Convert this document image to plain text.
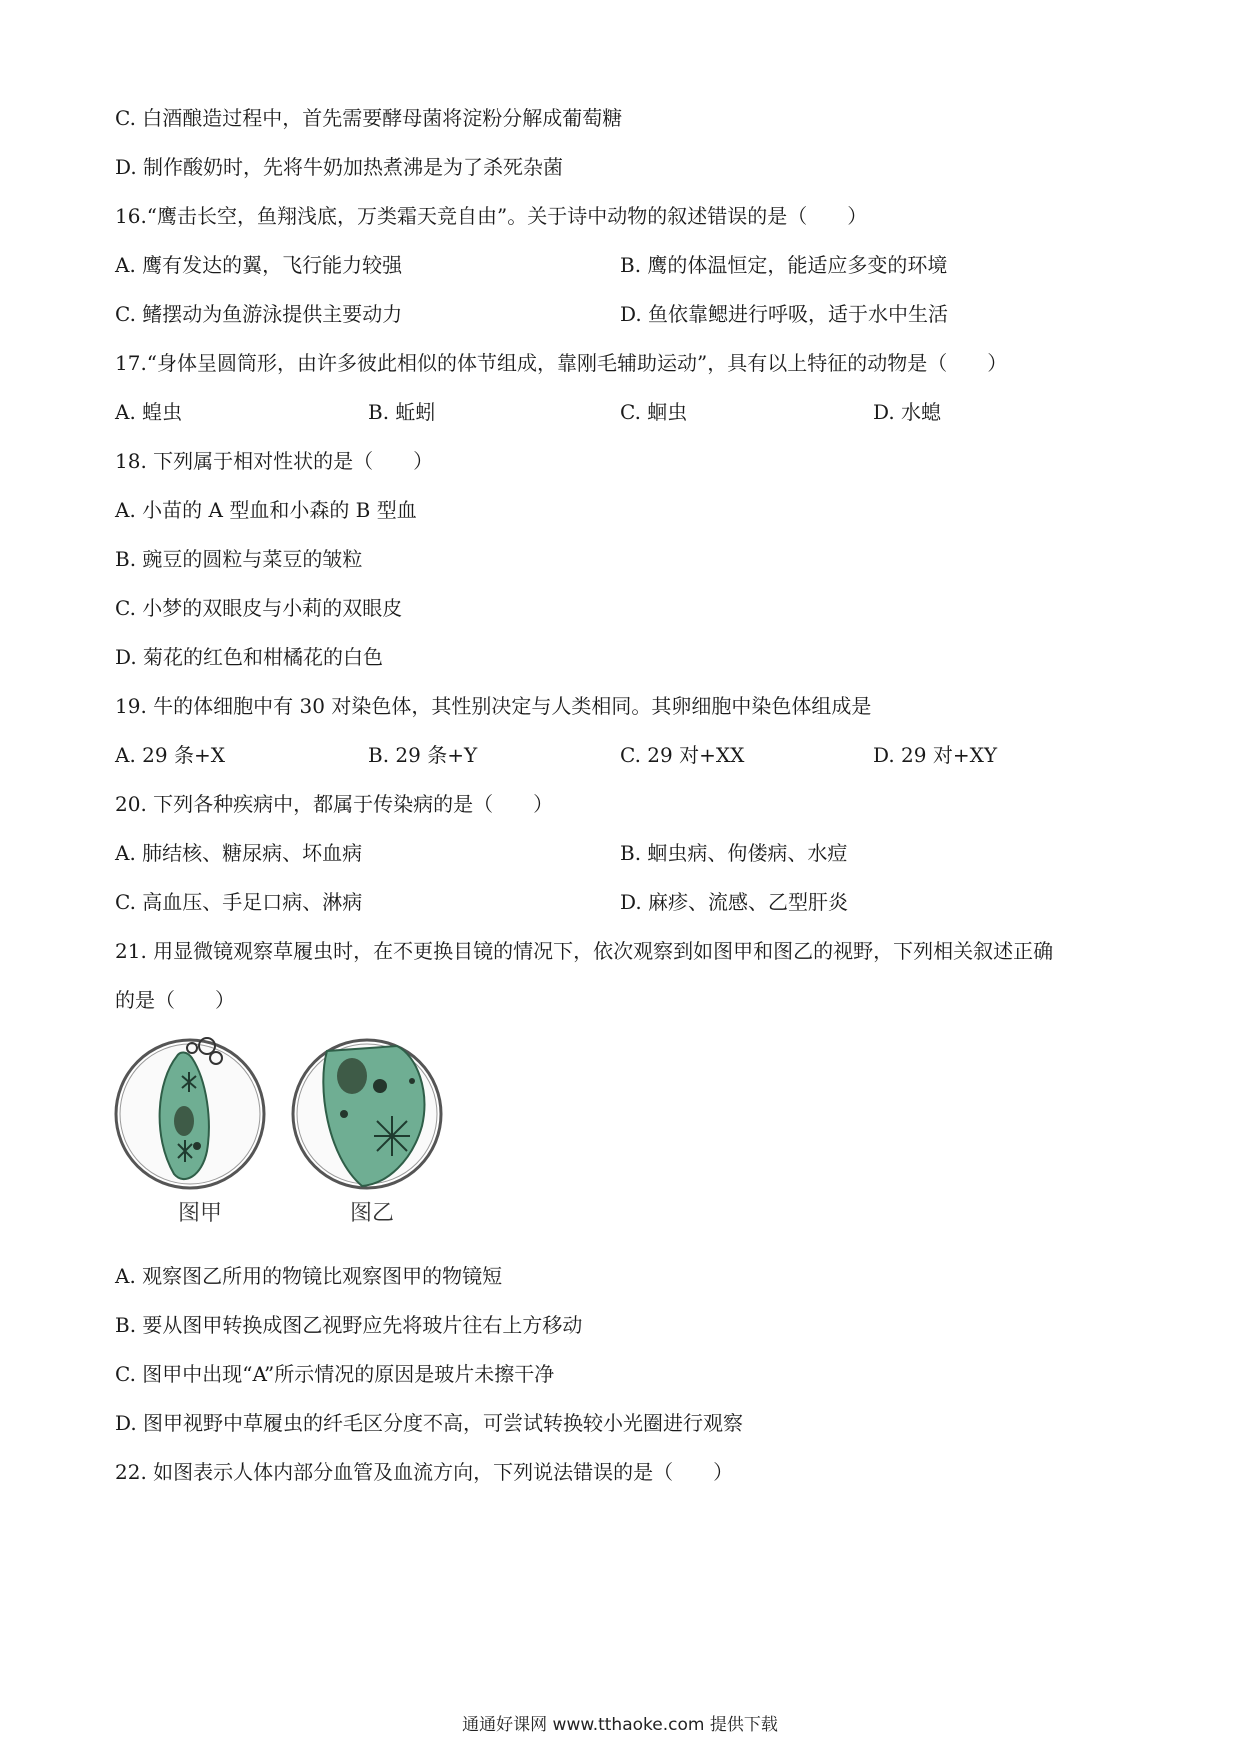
C. 白酒酿造过程中，首先需要酵母菌将淀粉分解成葡萄糖
D. 制作酸奶时，先将牛奶加热煮沸是为了杀死杂菌
16.“鹰击长空，鱼翔浅底，万类霜天竞自由”。关于诗中动物的叙述错误的是（　　）
A. 鹰有发达的翼，飞行能力较强	B. 鹰的体温恒定，能适应多变的环境
C. 鳍摆动为鱼游泳提供主要动力	D. 鱼依靠鳃进行呼吸，适于水中生活
17.“身体呈圆筒形，由许多彼此相似的体节组成，靠刚毛辅助运动”，具有以上特征的动物是（　　）
A. 蝗虫	B. 蚯蚓	C. 蛔虫	D. 水螅
18. 下列属于相对性状的是（　　）
A. 小苗的 A 型血和小森的 B 型血
B. 豌豆的圆粒与菜豆的皱粒
C. 小梦的双眼皮与小莉的双眼皮
D. 菊花的红色和柑橘花的白色
19. 牛的体细胞中有 30 对染色体，其性别决定与人类相同。其卵细胞中染色体组成是
A. 29 条+X	B. 29 条+Y	C. 29 对+XX	D. 29 对+XY
20. 下列各种疾病中，都属于传染病的是（　　）
A. 肺结核、糖尿病、坏血病	B. 蛔虫病、佝偻病、水痘
C. 高血压、手足口病、淋病	D. 麻疹、流感、乙型肝炎
21. 用显微镜观察草履虫时，在不更换目镜的情况下，依次观察到如图甲和图乙的视野，下列相关叙述正确
的是（　　）
图甲	图乙
A. 观察图乙所用的物镜比观察图甲的物镜短
B. 要从图甲转换成图乙视野应先将玻片往右上方移动
C. 图甲中出现“A”所示情况的原因是玻片未擦干净
D. 图甲视野中草履虫的纤毛区分度不高，可尝试转换较小光圈进行观察
22. 如图表示人体内部分血管及血流方向，下列说法错误的是（　　）
通通好课网 www.tthaoke.com 提供下载
